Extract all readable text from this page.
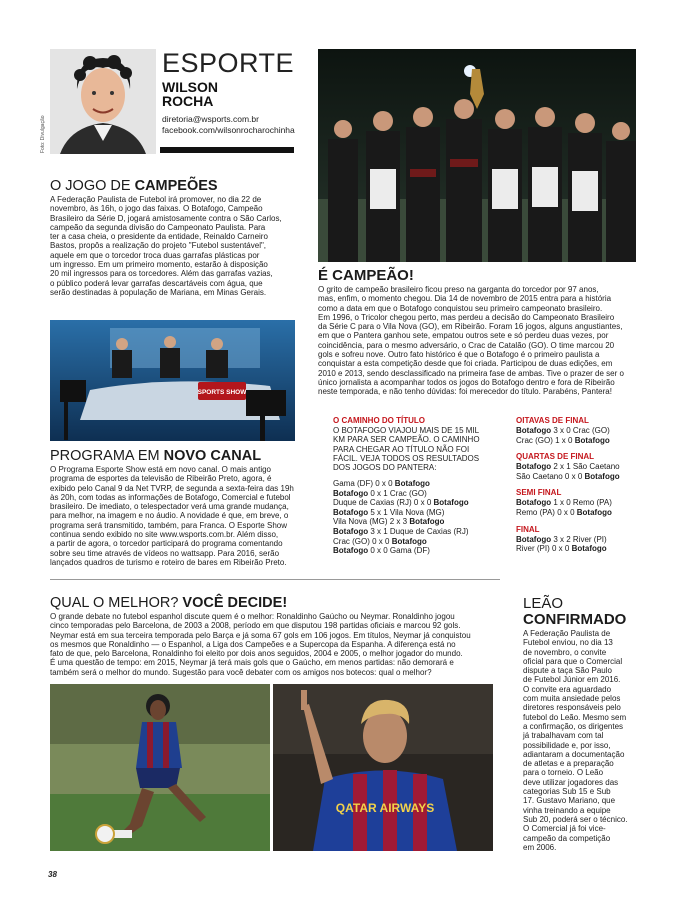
Foto: Divulgação
ESPORTE
WILSON
ROCHA
diretoria@wsports.com.br
facebook.com/wilsonrocharochinha
O JOGO DE CAMPEÕES
A Federação Paulista de Futebol irá promover, no dia 22 de
novembro, às 16h, o jogo das faixas. O Botafogo, Campeão
Brasileiro da Série D, jogará amistosamente contra o São Carlos,
campeão da segunda divisão do Campeonato Paulista. Para
ter a casa cheia, o presidente da entidade, Reinaldo Carneiro
Bastos, propôs a realização do projeto "Futebol sustentável",
aquele em que o torcedor troca duas garrafas plásticas por
um ingresso. Em um primeiro momento, estarão à disposição
20 mil ingressos para os torcedores. Além das garrafas vazias,
o público poderá levar garrafas descartáveis com água, que
serão destinadas à população de Mariana, em Minas Gerais.
É CAMPEÃO!
O grito de campeão brasileiro ficou preso na garganta do torcedor por 97 anos,
mas, enfim, o momento chegou. Dia 14 de novembro de 2015 entra para a história
como a data em que o Botafogo conquistou seu primeiro campeonato brasileiro.
Em 1996, o Tricolor chegou perto, mas perdeu a decisão do Campeonato Brasileiro
da Série C para o Vila Nova (GO), em Ribeirão. Foram 16 jogos, alguns angustiantes,
em que o Pantera ganhou sete, empatou outros sete e só perdeu duas vezes, por
coincidência, para o mesmo adversário, o Crac de Catalão (GO). O time marcou 20
gols e sofreu nove. Outro fato histórico é que o Botafogo é o primeiro paulista a
conquistar a esta competição desde que foi criada. Participou de duas edições, em
2010 e 2013, sendo desclassificado na primeira fase de ambas. Tive o prazer de ser o
único jornalista a acompanhar todos os jogos do Botafogo dentro e fora de Ribeirão
neste temporada, e não tenho dúvidas: foi merecedor do título. Parabéns, Pantera!
O CAMINHO DO TÍTULO
O BOTAFOGO VIAJOU MAIS DE 15 MIL
KM PARA SER CAMPEÃO. O CAMINHO
PARA CHEGAR AO TÍTULO NÃO FOI
FÁCIL. VEJA TODOS OS RESULTADOS
DOS JOGOS DO PANTERA:
Gama (DF) 0 x 0 Botafogo
Botafogo 0 x 1 Crac (GO)
Duque de Caxias (RJ) 0 x 0 Botafogo
Botafogo 5 x 1 Vila Nova (MG)
Vila Nova (MG) 2 x 3 Botafogo
Botafogo 3 x 1 Duque de Caxias (RJ)
Crac (GO) 0 x 0 Botafogo
Botafogo 0 x 0 Gama (DF)
OITAVAS DE FINAL
Botafogo 3 x 0 Crac (GO)
Crac (GO) 1 x 0 Botafogo
QUARTAS DE FINAL
Botafogo 2 x 1 São Caetano
São Caetano 0 x 0 Botafogo
SEMI FINAL
Botafogo 1 x 0 Remo (PA)
Remo (PA) 0 x 0 Botafogo
FINAL
Botafogo 3 x 2 River (PI)
River (PI) 0 x 0 Botafogo
SPORTS SHOW
PROGRAMA EM NOVO CANAL
O Programa Esporte Show está em novo canal. O mais antigo
programa de esportes da televisão de Ribeirão Preto, agora, é
exibido pelo Canal 9 da Net TVRP, de segunda a sexta-feira das 19h
às 20h, com todas as informações de Botafogo, Comercial e futebol
brasileiro. De imediato, o telespectador verá uma grande mudança,
para melhor, na imagem e no áudio. A novidade é que, em breve, o
programa será transmitido, também, para Franca. O Esporte Show
continua sendo exibido no site www.wsports.com.br. Além disso,
a partir de agora, o torcedor participará do programa comentando
sobre seu time através de vídeos no wattsapp. Para 2016, serão
lançados quadros de turismo e roteiro de bares em Ribeirão Preto.
QUAL O MELHOR? VOCÊ DECIDE!
O grande debate no futebol espanhol discute quem é o melhor: Ronaldinho Gaúcho ou Neymar. Ronaldinho jogou
cinco temporadas pelo Barcelona, de 2003 a 2008, período em que disputou 198 partidas oficiais e marcou 92 gols.
Neymar está em sua terceira temporada pelo Barça e já soma 67 gols em 106 jogos. Em títulos, Neymar já conquistou
os mesmos que Ronaldinho — o Espanhol, a Liga dos Campeões e a Supercopa da Espanha. A diferença está no
fato de que, pelo Barcelona, Ronaldinho foi eleito por dois anos seguidos, 2004 e 2005, o melhor jogador do mundo.
É uma questão de tempo: em 2015, Neymar já terá mais gols que o Gaúcho, em menos partidas: não demorará e
também será o melhor do mundo. Sugestão para você debater com os amigos nos botecos: qual o melhor?
QATAR AIRWAYS
LEÃO
CONFIRMADO
A Federação Paulista de
Futebol enviou, no dia 13
de novembro, o convite
oficial para que o Comercial
dispute a taça São Paulo
de Futebol Júnior em 2016.
O convite era aguardado
com muita ansiedade pelos
diretores responsáveis pelo
futebol do Leão. Mesmo sem
a confirmação, os dirigentes
já trabalhavam com tal
possibilidade e, por isso,
adiantaram a documentação
de atletas e a preparação
para o torneio. O Leão
deve utilizar jogadores das
categorias Sub 15 e Sub
17. Gustavo Mariano, que
vinha treinando a equipe
Sub 20, poderá ser o técnico.
O Comercial já foi vice-
campeão da competição
em 2006.
38
